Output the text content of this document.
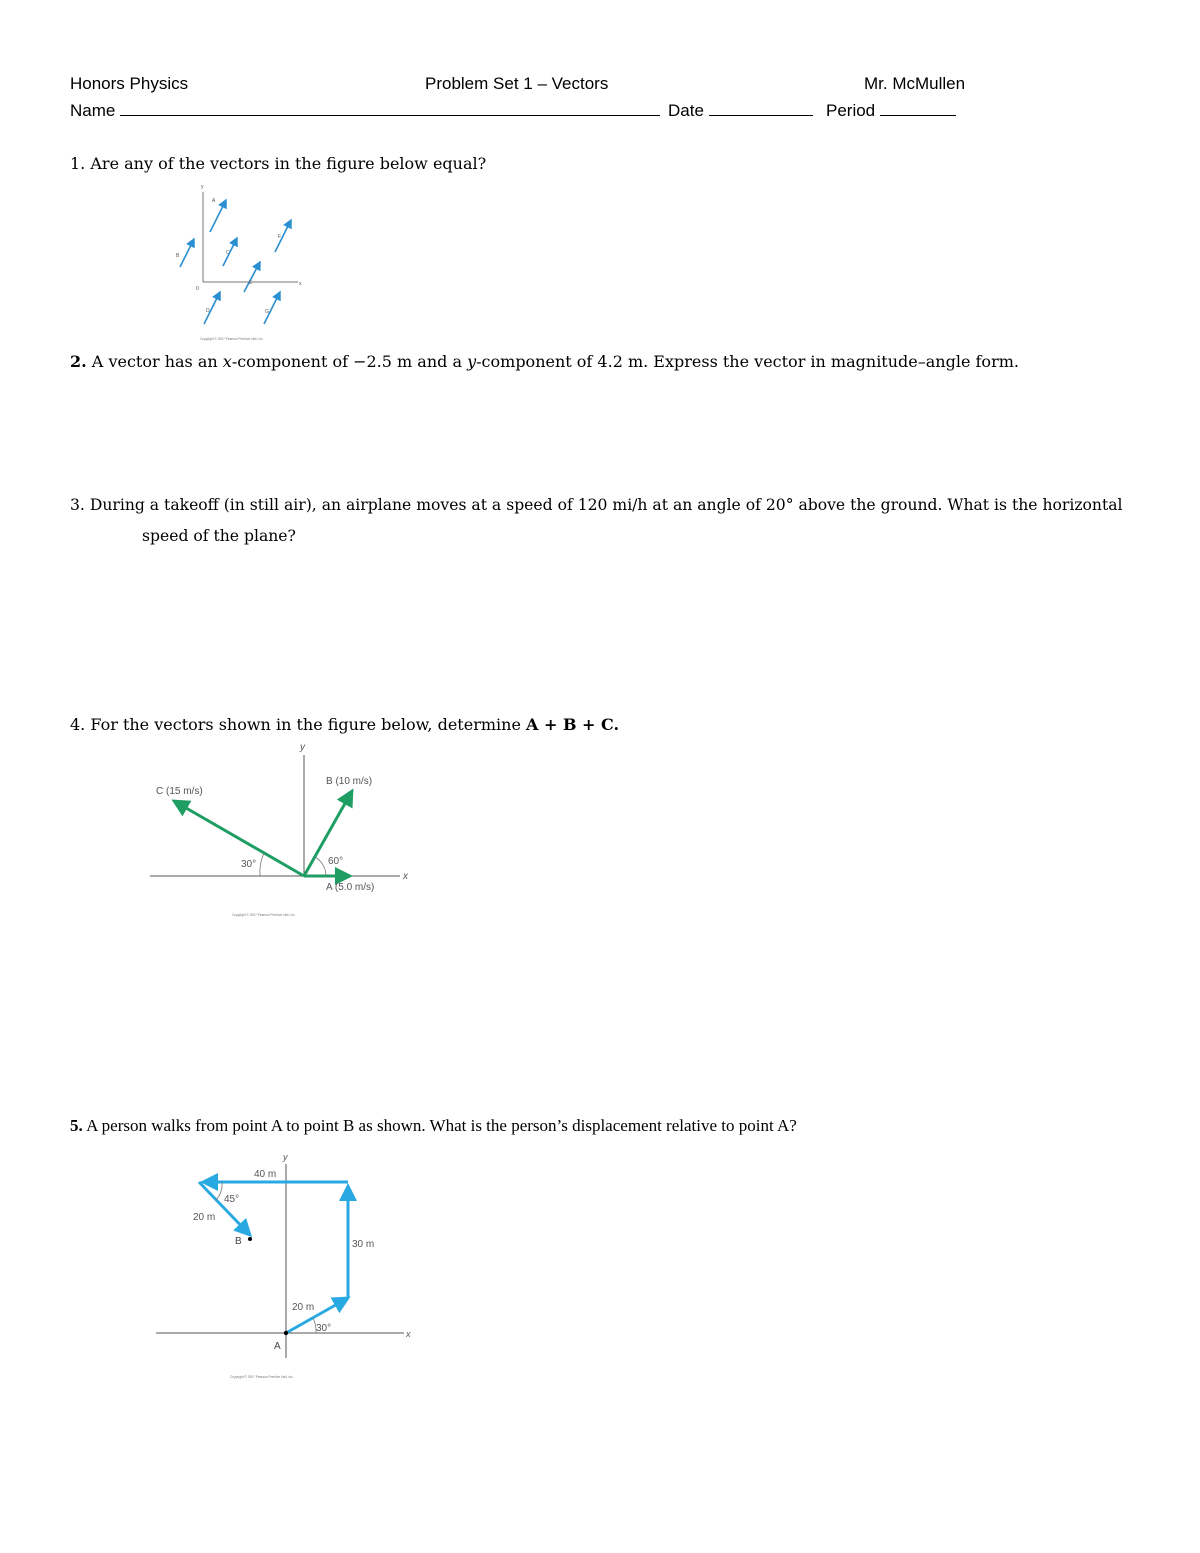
Honors Physics	Problem Set 1 – Vectors	Mr. McMullen
Name	Date	Period
1. Are any of the vectors in the figure below equal?
y
x
0
B
A
C
F
E
D	G
Copyright © 2007 Pearson Prentice Hall, Inc.
2. A vector has an x-component of −2.5 m and a y-component of 4.2 m. Express the vector in magnitude–angle form.
3. During a takeoff (in still air), an airplane moves at a speed of 120 mi/h at an angle of 20° above the ground. What is the horizontal
speed of the plane?
4. For the vectors shown in the figure below, determine A + B + C.
y
x
C (15 m/s)
B (10 m/s)
A (5.0 m/s)
60°
30°
Copyright © 2007 Pearson Prentice Hall, Inc.
5. A person walks from point A to point B as shown. What is the person’s displacement relative to point A?
y
x
20 m
30°
30 m
40 m
20 m
45°
A
B
Copyright © 2007 Pearson Prentice Hall, Inc.
